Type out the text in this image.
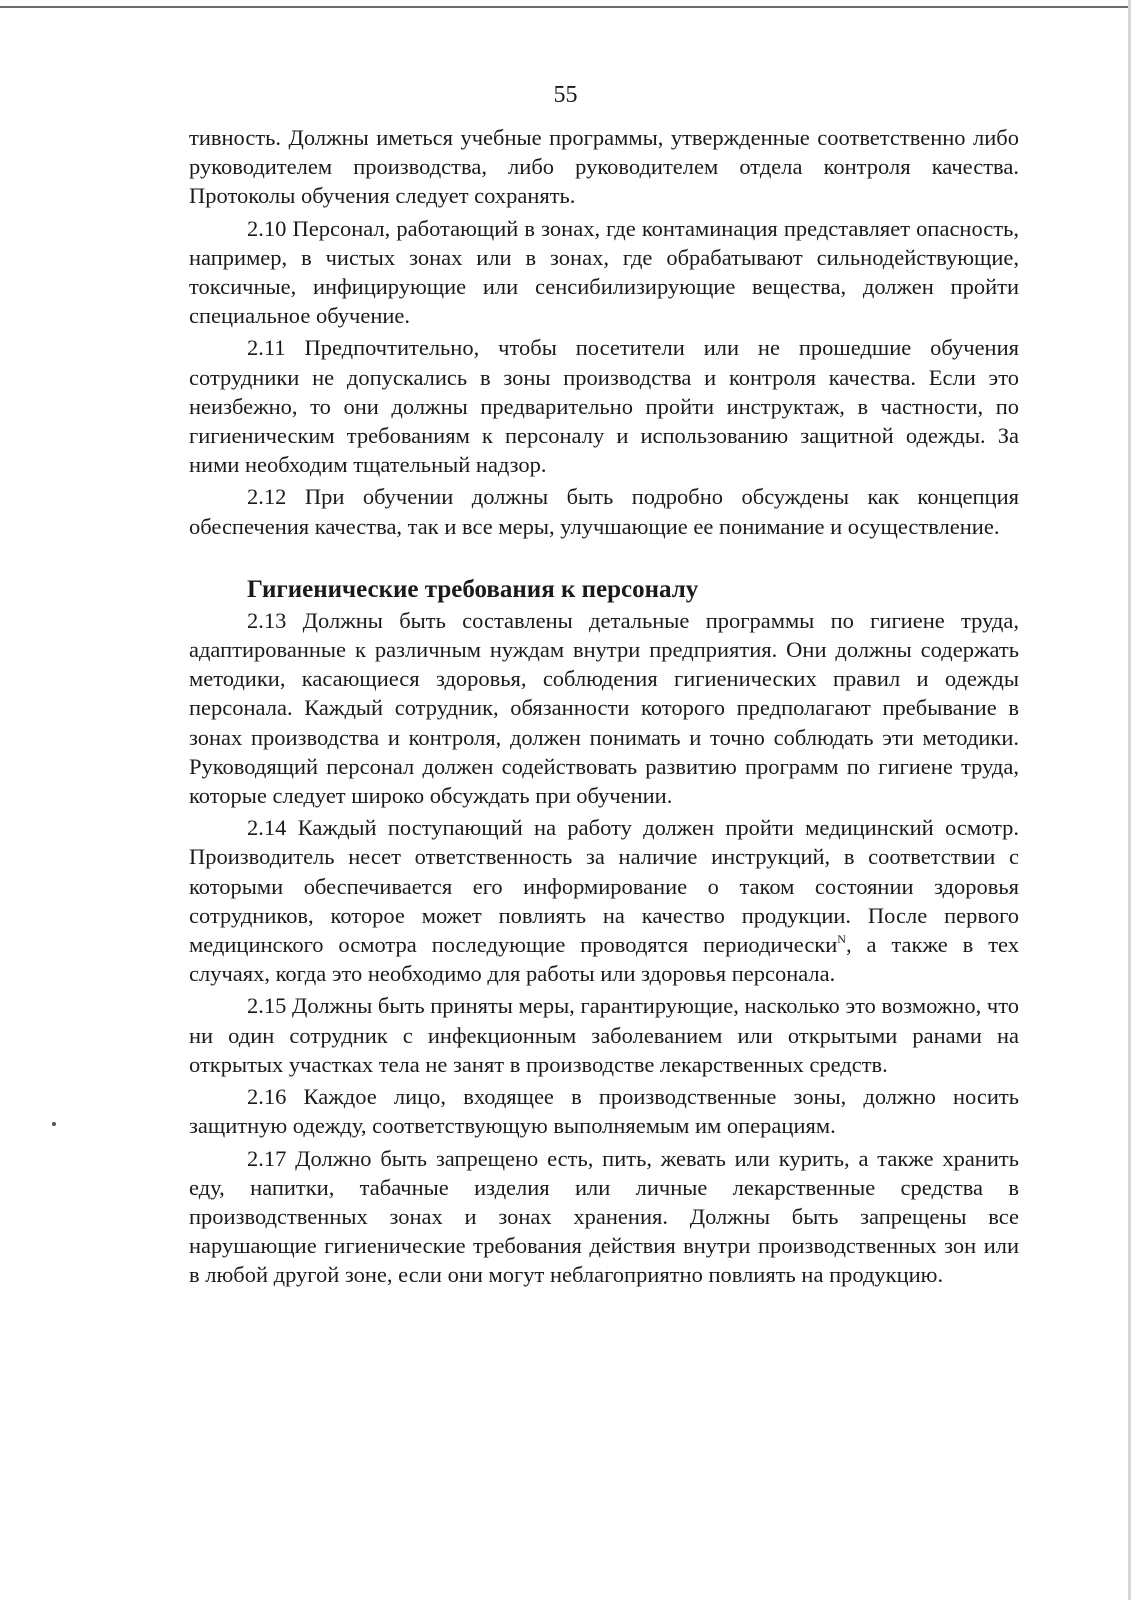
55

тивность. Должны иметься учебные программы, утвержденные соответственно либо руководителем производства, либо руководителем отдела контроля качества. Протоколы обучения следует сохранять.

2.10 Персонал, работающий в зонах, где контаминация представляет опасность, например, в чистых зонах или в зонах, где обрабатывают сильнодействующие, токсичные, инфицирующие или сенсибилизирующие вещества, должен пройти специальное обучение.

2.11 Предпочтительно, чтобы посетители или не прошедшие обучения сотрудники не допускались в зоны производства и контроля качества. Если это неизбежно, то они должны предварительно пройти инструктаж, в частности, по гигиеническим требованиям к персоналу и использованию защитной одежды. За ними необходим тщательный надзор.

2.12 При обучении должны быть подробно обсуждены как концепция обеспечения качества, так и все меры, улучшающие ее понимание и осуществление.

Гигиенические требования к персоналу

2.13 Должны быть составлены детальные программы по гигиене труда, адаптированные к различным нуждам внутри предприятия. Они должны содержать методики, касающиеся здоровья, соблюдения гигиенических правил и одежды персонала. Каждый сотрудник, обязанности которого предполагают пребывание в зонах производства и контроля, должен понимать и точно соблюдать эти методики. Руководящий персонал должен содействовать развитию программ по гигиене труда, которые следует широко обсуждать при обучении.

2.14 Каждый поступающий на работу должен пройти медицинский осмотр. Производитель несет ответственность за наличие инструкций, в соответствии с которыми обеспечивается его информирование о таком состоянии здоровья сотрудников, которое может повлиять на качество продукции. После первого медицинского осмотра последующие проводятся периодически$^N$, а также в тех случаях, когда это необходимо для работы или здоровья персонала.

2.15 Должны быть приняты меры, гарантирующие, насколько это возможно, что ни один сотрудник с инфекционным заболеванием или открытыми ранами на открытых участках тела не занят в производстве лекарственных средств.

2.16 Каждое лицо, входящее в производственные зоны, должно носить защитную одежду, соответствующую выполняемым им операциям.

2.17 Должно быть запрещено есть, пить, жевать или курить, а также хранить еду, напитки, табачные изделия или личные лекарственные средства в производственных зонах и зонах хранения. Должны быть запрещены все нарушающие гигиенические требования действия внутри производственных зон или в любой другой зоне, если они могут неблагоприятно повлиять на продукцию.
